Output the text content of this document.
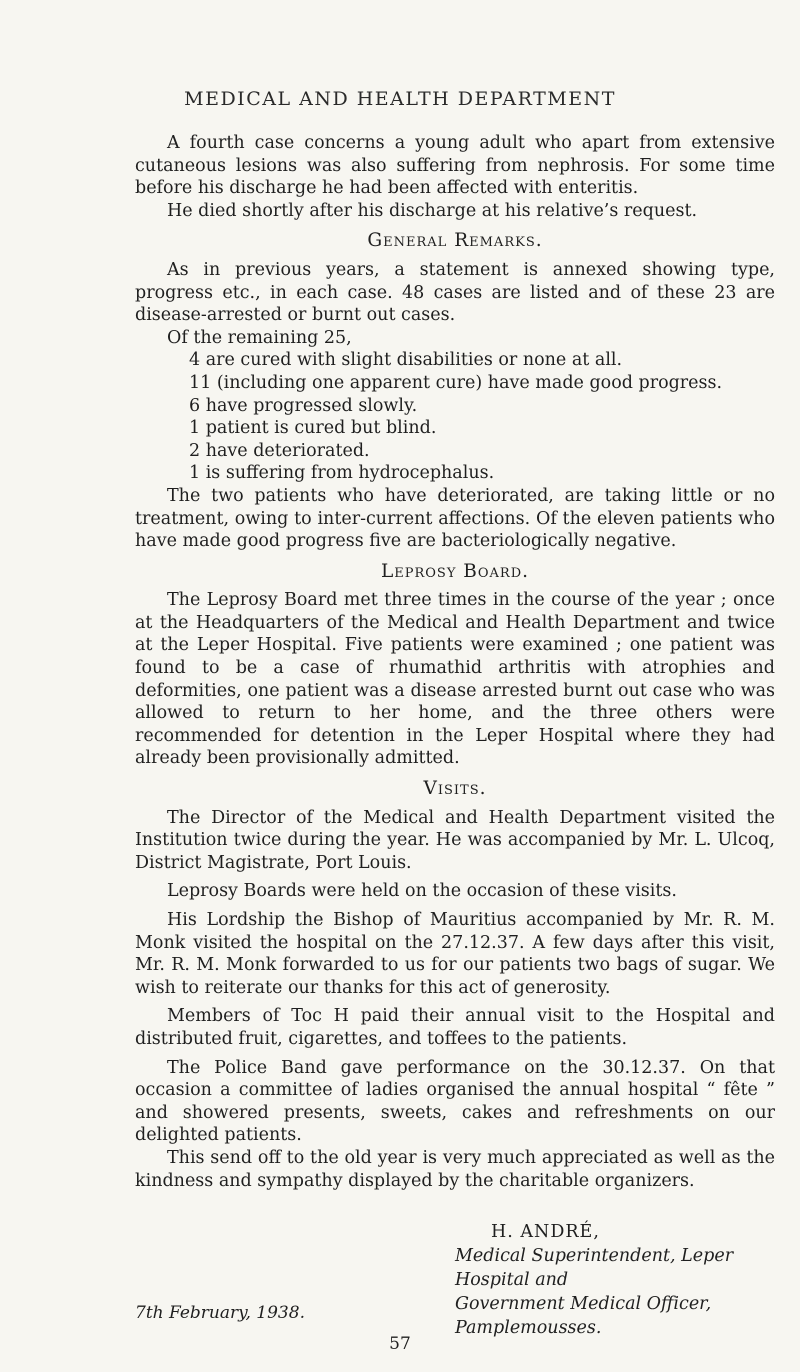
MEDICAL AND HEALTH DEPARTMENT

A fourth case concerns a young adult who apart from extensive cutaneous lesions was also suffering from nephrosis. For some time before his discharge he had been affected with enteritis.

He died shortly after his discharge at his relative’s request.

General Remarks.

As in previous years, a statement is annexed showing type, progress etc., in each case. 48 cases are listed and of these 23 are disease-arrested or burnt out cases.

Of the remaining 25,

4 are cured with slight disabilities or none at all.

11 (including one apparent cure) have made good progress.

6 have progressed slowly.

1 patient is cured but blind.

2 have deteriorated.

1 is suffering from hydrocephalus.

The two patients who have deteriorated, are taking little or no treatment, owing to inter-current affections. Of the eleven patients who have made good progress five are bacteriologically negative.

Leprosy Board.

The Leprosy Board met three times in the course of the year ; once at the Headquarters of the Medical and Health Department and twice at the Leper Hospital. Five patients were examined ; one patient was found to be a case of rhumathid arthritis with atrophies and deformities, one patient was a disease arrested burnt out case who was allowed to return to her home, and the three others were recommended for detention in the Leper Hospital where they had already been provisionally admitted.

Visits.

The Director of the Medical and Health Department visited the Institution twice during the year. He was accompanied by Mr. L. Ulcoq, District Magistrate, Port Louis.

Leprosy Boards were held on the occasion of these visits.

His Lordship the Bishop of Mauritius accompanied by Mr. R. M. Monk visited the hospital on the 27.12.37. A few days after this visit, Mr. R. M. Monk forwarded to us for our patients two bags of sugar. We wish to reiterate our thanks for this act of generosity.

Members of Toc H paid their annual visit to the Hospital and distributed fruit, cigarettes, and toffees to the patients.

The Police Band gave performance on the 30.12.37. On that occasion a committee of ladies organised the annual hospital “ fête ” and showered presents, sweets, cakes and refreshments on our delighted patients.

This send off to the old year is very much appreciated as well as the kindness and sympathy displayed by the charitable organizers.

H. ANDRÉ,
Medical Superintendent, Leper Hospital and
Government Medical Officer, Pamplemousses.
7th February, 1938.
57
